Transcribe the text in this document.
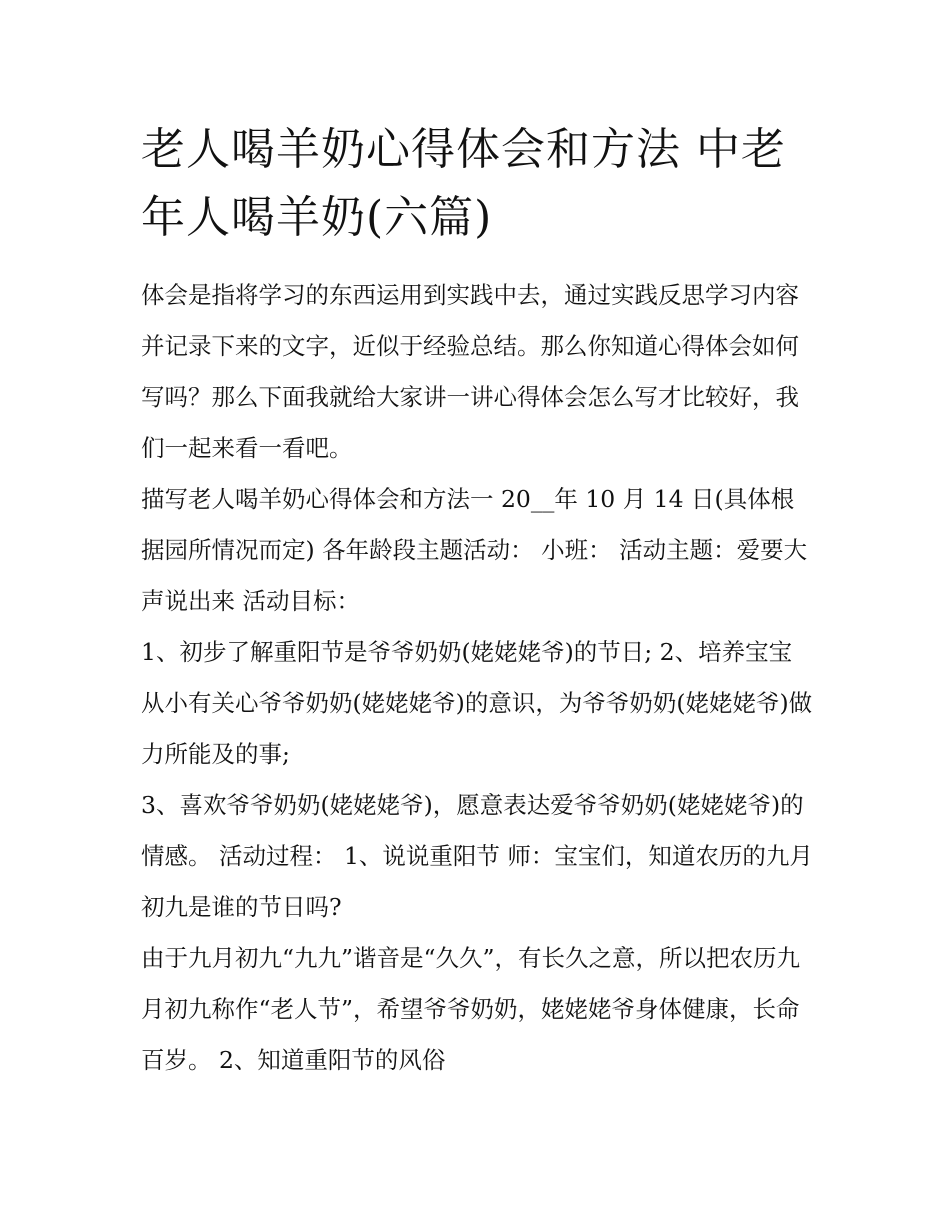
老人喝羊奶心得体会和方法 中老年人喝羊奶(六篇)

体会是指将学习的东西运用到实践中去，通过实践反思学习内容并记录下来的文字，近似于经验总结。那么你知道心得体会如何写吗？那么下面我就给大家讲一讲心得体会怎么写才比较好，我们一起来看一看吧。

描写老人喝羊奶心得体会和方法一 20__年 10 月 14 日(具体根据园所情况而定) 各年龄段主题活动： 小班： 活动主题：爱要大声说出来 活动目标：

1、初步了解重阳节是爷爷奶奶(姥姥姥爷)的节日; 2、培养宝宝从小有关心爷爷奶奶(姥姥姥爷)的意识，为爷爷奶奶(姥姥姥爷)做力所能及的事;

3、喜欢爷爷奶奶(姥姥姥爷)，愿意表达爱爷爷奶奶(姥姥姥爷)的情感。 活动过程： 1、说说重阳节 师：宝宝们，知道农历的九月初九是谁的节日吗?

由于九月初九“九九”谐音是“久久”，有长久之意，所以把农历九月初九称作“老人节”，希望爷爷奶奶，姥姥姥爷身体健康，长命百岁。 2、知道重阳节的风俗
